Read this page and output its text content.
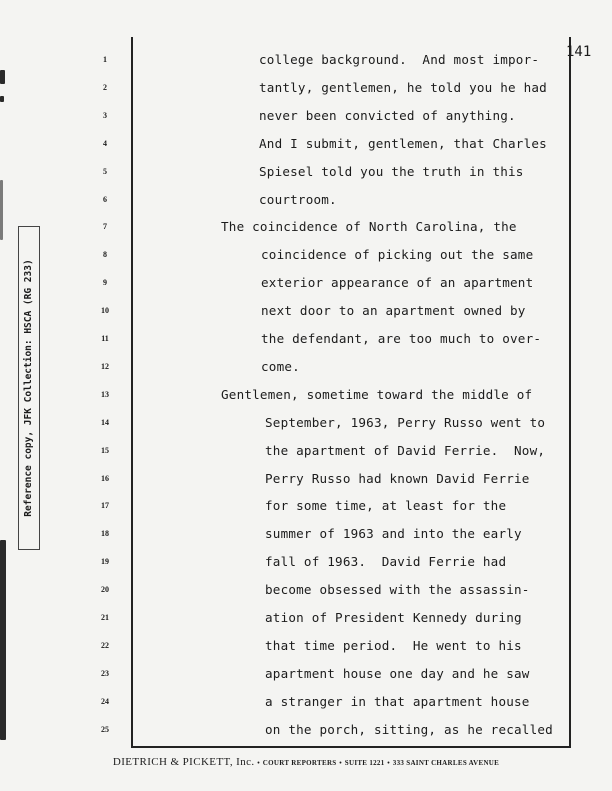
141
1	college background.  And most impor-
2	tantly, gentlemen, he told you he had
3	never been convicted of anything.
4	And I submit, gentlemen, that Charles
5	Spiesel told you the truth in this
6	courtroom.
7	The coincidence of North Carolina, the
8	coincidence of picking out the same
9	exterior appearance of an apartment
10	next door to an apartment owned by
11	the defendant, are too much to over-
12	come.
13	Gentlemen, sometime toward the middle of
14	September, 1963, Perry Russo went to
15	the apartment of David Ferrie.  Now,
16	Perry Russo had known David Ferrie
17	for some time, at least for the
18	summer of 1963 and into the early
19	fall of 1963.  David Ferrie had
20	become obsessed with the assassin-
21	ation of President Kennedy during
22	that time period.  He went to his
23	apartment house one day and he saw
24	a stranger in that apartment house
25	on the porch, sitting, as he recalled
Reference copy, JFK Collection: HSCA (RG 233)
DIETRICH & PICKETT, Inc. • COURT REPORTERS • SUITE 1221 • 333 SAINT CHARLES AVENUE
